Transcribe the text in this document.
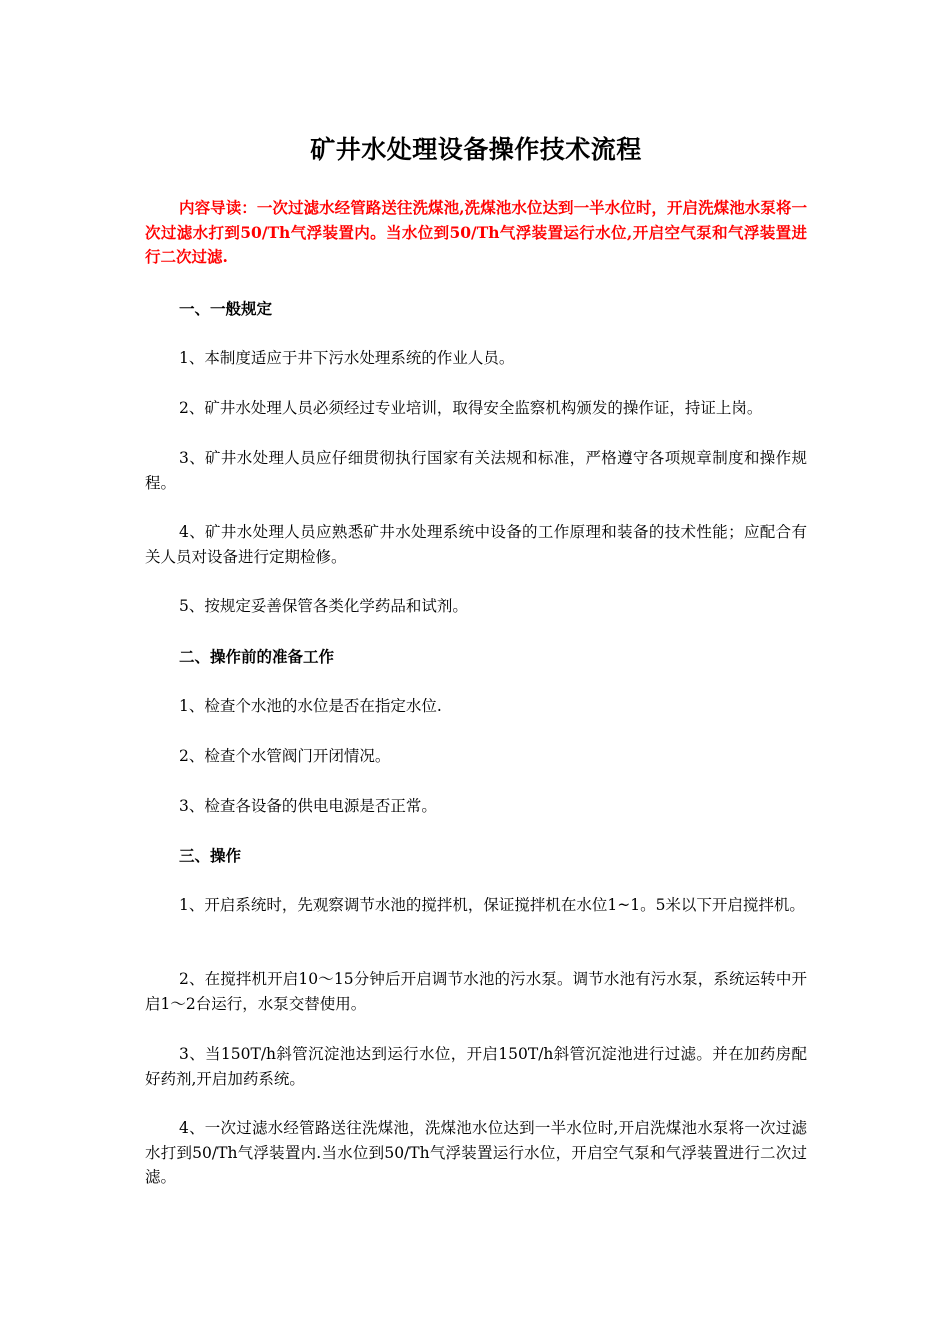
矿井水处理设备操作技术流程
内容导读：一次过滤水经管路送往洗煤池,洗煤池水位达到一半水位时，开启洗煤池水泵将一次过滤水打到50/Th气浮装置内。当水位到50/Th气浮装置运行水位,开启空气泵和气浮装置进行二次过滤.
一、一般规定
1、本制度适应于井下污水处理系统的作业人员。
2、矿井水处理人员必须经过专业培训，取得安全监察机构颁发的操作证，持证上岗。
3、矿井水处理人员应仔细贯彻执行国家有关法规和标准，严格遵守各项规章制度和操作规程。
4、矿井水处理人员应熟悉矿井水处理系统中设备的工作原理和装备的技术性能；应配合有关人员对设备进行定期检修。
5、按规定妥善保管各类化学药品和试剂。
二、操作前的准备工作
1、检查个水池的水位是否在指定水位.
2、检查个水管阀门开闭情况。
3、检查各设备的供电电源是否正常。
三、操作
1、开启系统时，先观察调节水池的搅拌机，保证搅拌机在水位1~1。5米以下开启搅拌机。
2、在搅拌机开启10～15分钟后开启调节水池的污水泵。调节水池有污水泵，系统运转中开启1～2台运行，水泵交替使用。
3、当150T/h斜管沉淀池达到运行水位，开启150T/h斜管沉淀池进行过滤。并在加药房配好药剂,开启加药系统。
4、一次过滤水经管路送往洗煤池，洗煤池水位达到一半水位时,开启洗煤池水泵将一次过滤水打到50/Th气浮装置内.当水位到50/Th气浮装置运行水位，开启空气泵和气浮装置进行二次过滤。
